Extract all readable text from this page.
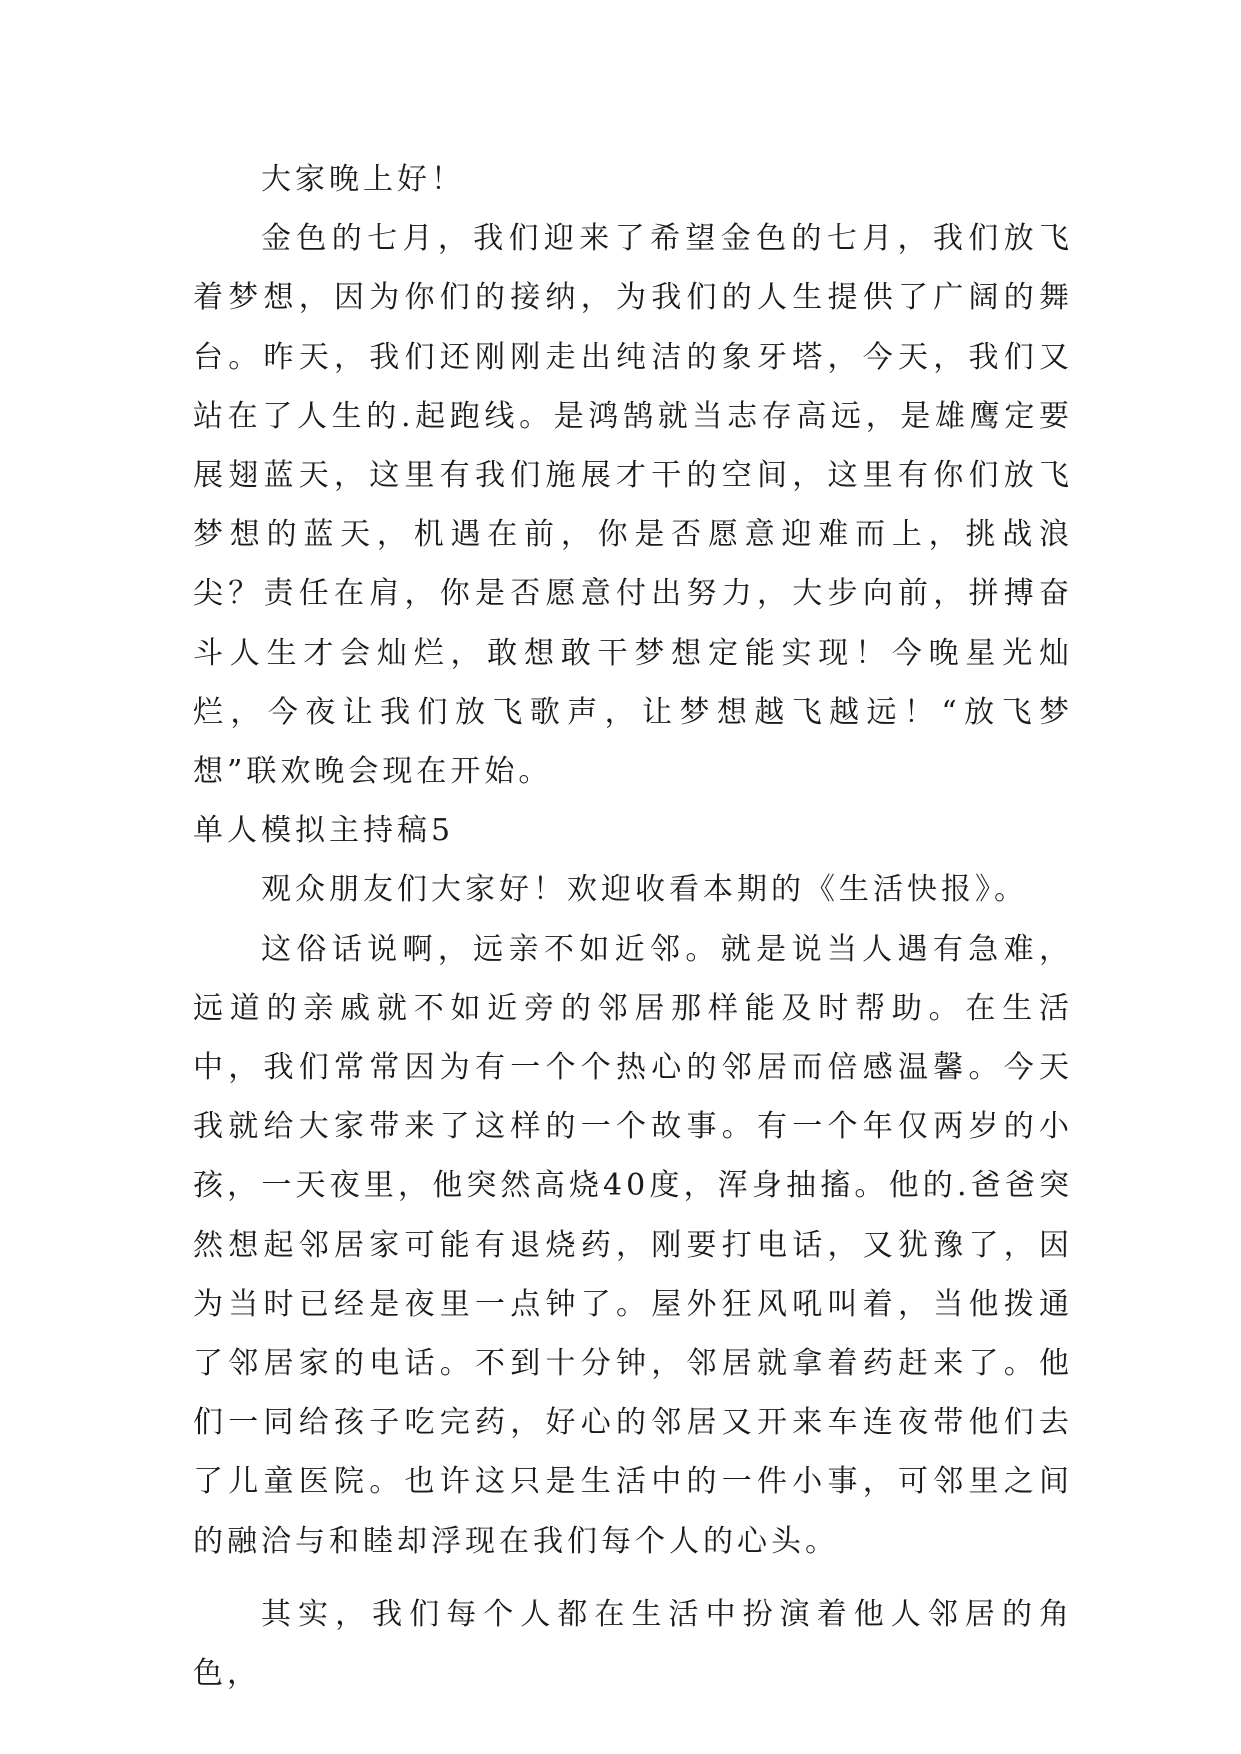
大家晚上好！

金色的七月，我们迎来了希望金色的七月，我们放飞着梦想，因为你们的接纳，为我们的人生提供了广阔的舞台。昨天，我们还刚刚走出纯洁的象牙塔，今天，我们又站在了人生的.起跑线。是鸿鹄就当志存高远，是雄鹰定要展翅蓝天，这里有我们施展才干的空间，这里有你们放飞梦想的蓝天，机遇在前，你是否愿意迎难而上，挑战浪尖？责任在肩，你是否愿意付出努力，大步向前，拼搏奋斗人生才会灿烂，敢想敢干梦想定能实现！今晚星光灿烂，今夜让我们放飞歌声，让梦想越飞越远！“放飞梦想”联欢晚会现在开始。

单人模拟主持稿5

观众朋友们大家好！欢迎收看本期的《生活快报》。

这俗话说啊，远亲不如近邻。就是说当人遇有急难，远道的亲戚就不如近旁的邻居那样能及时帮助。在生活中，我们常常因为有一个个热心的邻居而倍感温馨。今天我就给大家带来了这样的一个故事。有一个年仅两岁的小孩，一天夜里，他突然高烧40度，浑身抽搐。他的.爸爸突然想起邻居家可能有退烧药，刚要打电话，又犹豫了，因为当时已经是夜里一点钟了。屋外狂风吼叫着，当他拨通了邻居家的电话。不到十分钟，邻居就拿着药赶来了。他们一同给孩子吃完药，好心的邻居又开来车连夜带他们去了儿童医院。也许这只是生活中的一件小事，可邻里之间的融洽与和睦却浮现在我们每个人的心头。

其实，我们每个人都在生活中扮演着他人邻居的角色，
